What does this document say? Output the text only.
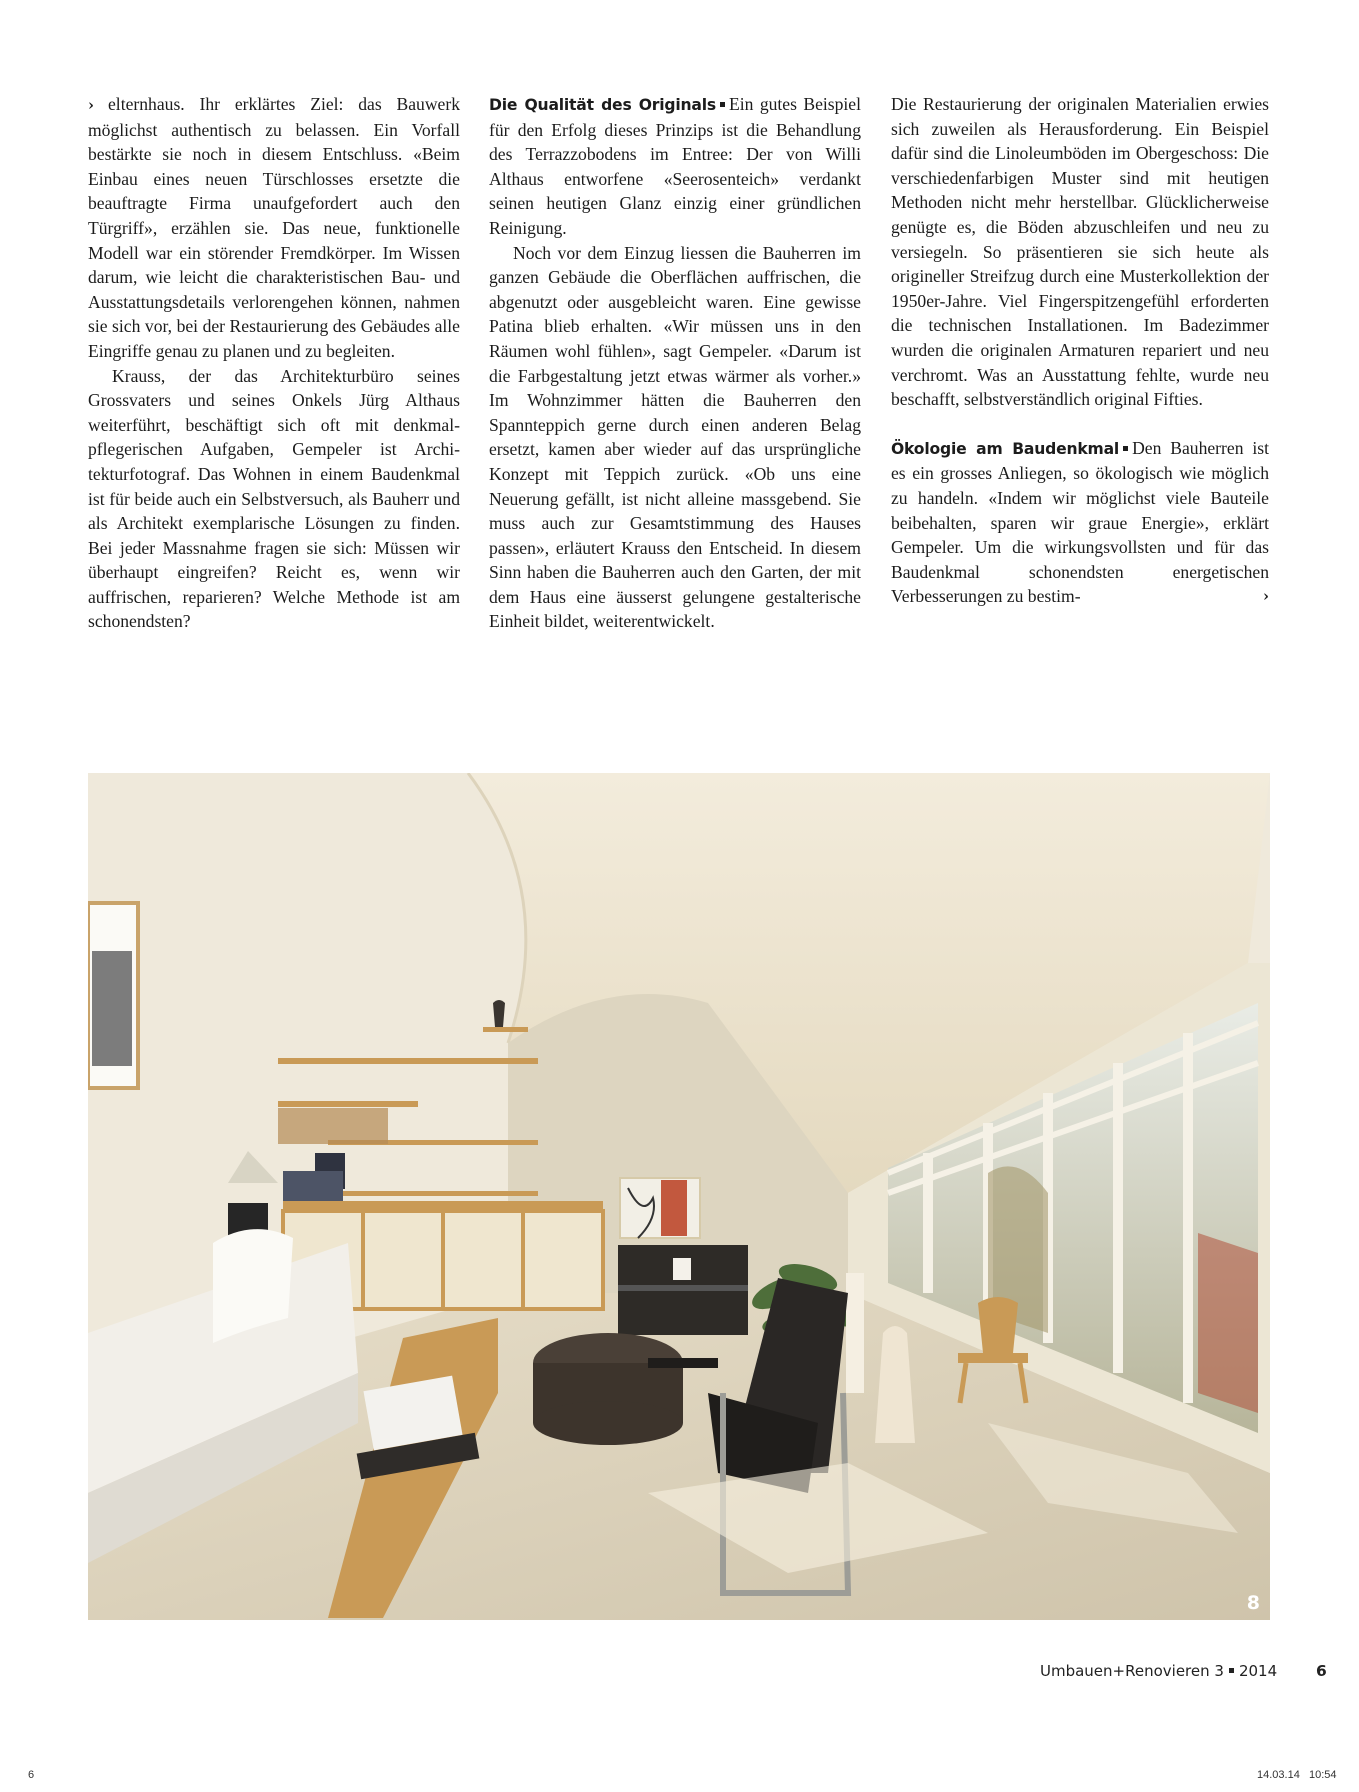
› elternhaus. Ihr erklärtes Ziel: das Bauwerk möglichst authentisch zu belassen. Ein Vorfall bestärkte sie noch in diesem Entschluss. «Beim Einbau eines neuen Türschlosses ersetzte die beauftragte Firma unaufgefordert auch den Türgriff», erzählen sie. Das neue, funktionelle Modell war ein störender Fremdkörper. Im Wissen darum, wie leicht die charakteristischen Bau- und Ausstattungsdetails verlorengehen können, nahmen sie sich vor, bei der Restaurierung des Gebäudes alle Eingriffe genau zu planen und zu begleiten.

Krauss, der das Architekturbüro seines Grossvaters und seines Onkels Jürg Althaus weiterführt, beschäftigt sich oft mit denkmalpflegerischen Aufgaben, Gempeler ist Architekturfotograf. Das Wohnen in einem Baudenkmal ist für beide auch ein Selbstversuch, als Bauherr und als Architekt exemplarische Lösungen zu finden. Bei jeder Massnahme fragen sie sich: Müssen wir überhaupt eingreifen? Reicht es, wenn wir auffrischen, reparieren? Welche Methode ist am schonendsten?

Die Qualität des Originals Ein gutes Beispiel für den Erfolg dieses Prinzips ist die Behandlung des Terrazzobodens im Entree: Der von Willi Althaus entworfene «Seerosenteich» verdankt seinen heutigen Glanz einzig einer gründlichen Reinigung.

Noch vor dem Einzug liessen die Bauherren im ganzen Gebäude die Oberflächen auffrischen, die abgenutzt oder ausgebleicht waren. Eine gewisse Patina blieb erhalten. «Wir müssen uns in den Räumen wohl fühlen», sagt Gempeler. «Darum ist die Farbgestaltung jetzt etwas wärmer als vorher.» Im Wohnzimmer hätten die Bauherren den Spannteppich gerne durch einen anderen Belag ersetzt, kamen aber wieder auf das ursprüngliche Konzept mit Teppich zurück. «Ob uns eine Neuerung gefällt, ist nicht alleine massgebend. Sie muss auch zur Gesamtstimmung des Hauses passen», erläutert Krauss den Entscheid. In diesem Sinn haben die Bauherren auch den Garten, der mit dem Haus eine äusserst gelungene gestalterische Einheit bildet, weiterentwickelt.

Die Restaurierung der originalen Materialien erwies sich zuweilen als Herausforderung. Ein Beispiel dafür sind die Linoleumböden im Obergeschoss: Die verschiedenfarbigen Muster sind mit heutigen Methoden nicht mehr herstellbar. Glücklicherweise genügte es, die Böden abzuschleifen und neu zu versiegeln. So präsentieren sie sich heute als origineller Streifzug durch eine Musterkollektion der 1950er-Jahre. Viel Fingerspitzengefühl erforderten die technischen Installationen. Im Badezimmer wurden die originalen Armaturen repariert und neu verchromt. Was an Ausstattung fehlte, wurde neu beschafft, selbstverständlich original Fifties.

Ökologie am Baudenkmal Den Bauherren ist es ein grosses Anliegen, so ökologisch wie möglich zu handeln. «Indem wir möglichst viele Bauteile beibehalten, sparen wir graue Energie», erklärt Gempeler. Um die wirkungsvollsten und für das Baudenkmal schonendsten energetischen Verbesserungen zu bestim-	›

8
Umbauen+Renovieren 3 2014	6
6	14.03.14 10:54
